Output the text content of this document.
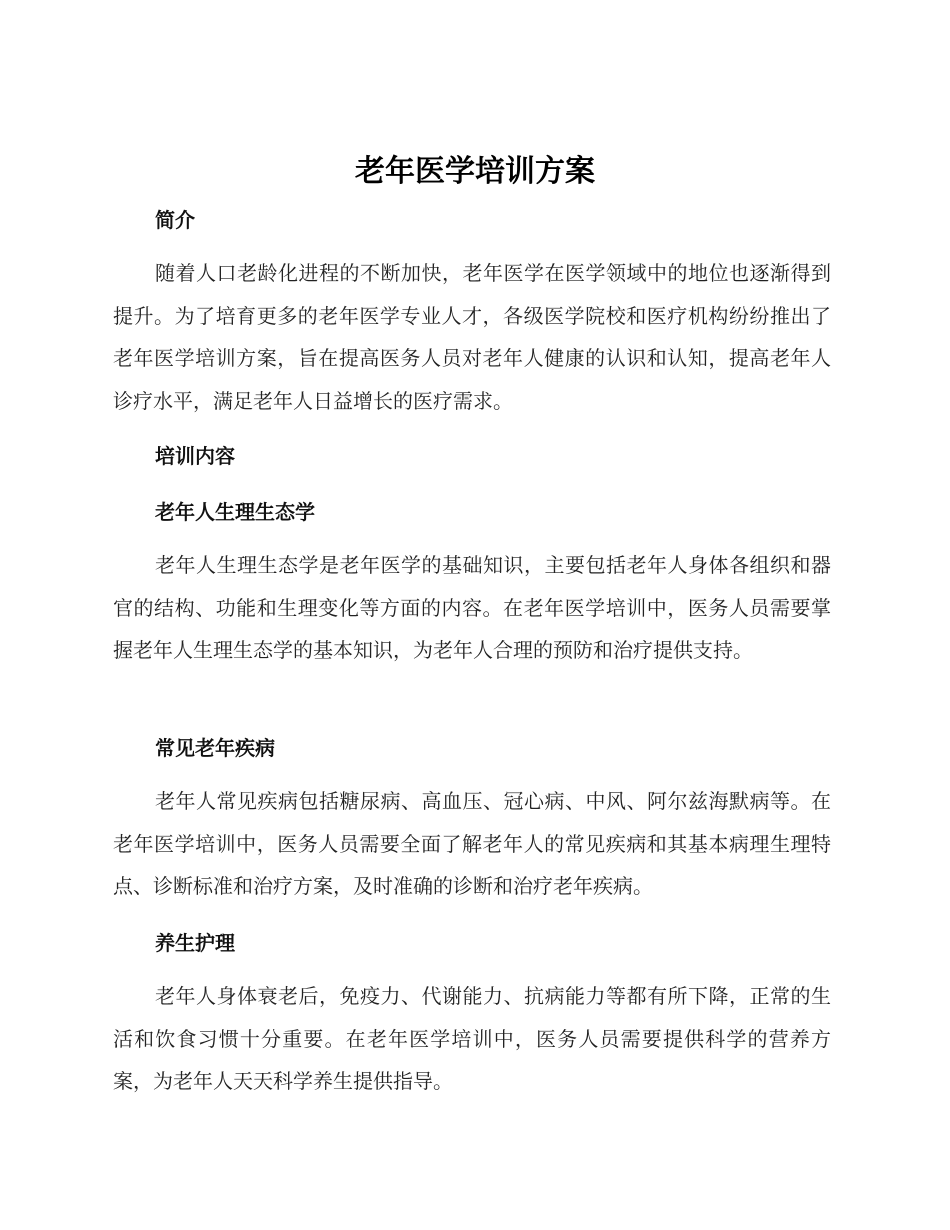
老年医学培训方案
简介

随着人口老龄化进程的不断加快，老年医学在医学领域中的地位也逐渐得到提升。为了培育更多的老年医学专业人才，各级医学院校和医疗机构纷纷推出了老年医学培训方案，旨在提高医务人员对老年人健康的认识和认知，提高老年人诊疗水平，满足老年人日益增长的医疗需求。

培训内容
老年人生理生态学

老年人生理生态学是老年医学的基础知识，主要包括老年人身体各组织和器官的结构、功能和生理变化等方面的内容。在老年医学培训中，医务人员需要掌握老年人生理生态学的基本知识，为老年人合理的预防和治疗提供支持。

常见老年疾病

老年人常见疾病包括糖尿病、高血压、冠心病、中风、阿尔兹海默病等。在老年医学培训中，医务人员需要全面了解老年人的常见疾病和其基本病理生理特点、诊断标准和治疗方案，及时准确的诊断和治疗老年疾病。

养生护理

老年人身体衰老后，免疫力、代谢能力、抗病能力等都有所下降，正常的生活和饮食习惯十分重要。在老年医学培训中，医务人员需要提供科学的营养方案，为老年人天天科学养生提供指导。
